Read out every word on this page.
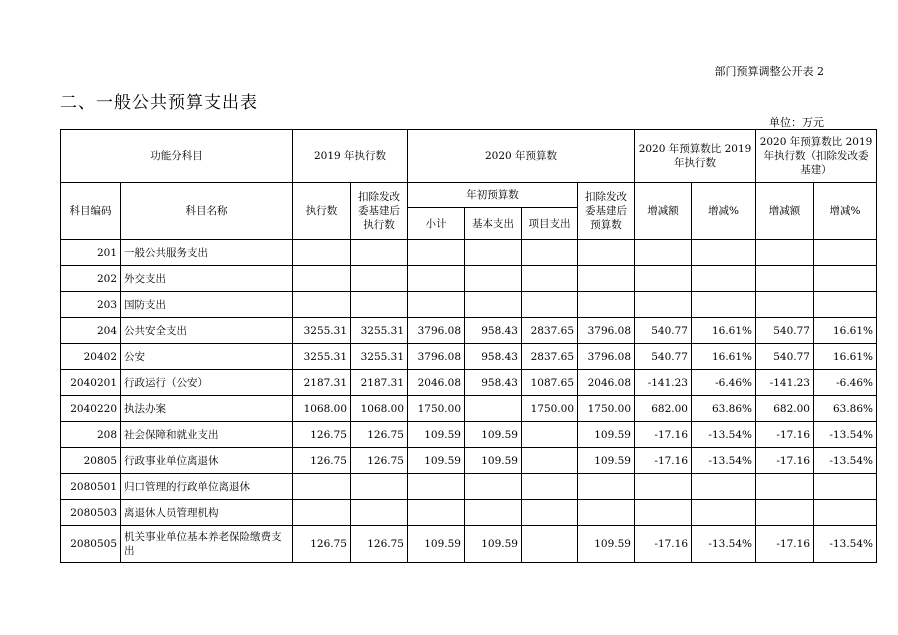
部门预算调整公开表 2
二、一般公共预算支出表
单位：万元
功能分科目		2019 年执行数		2020 年预算数				2020 年预算数比 2019 年执行数		2020 年预算数比 2019 年执行数（扣除发改委基建）	
科目编码	科目名称	执行数	扣除发改委基建后执行数	年初预算数			扣除发改委基建后预算数	增减额	增减%	增减额	增减%
				小计	基本支出	项目支出					
201	一般公共服务支出										
202	外交支出										
203	国防支出										
204	公共安全支出	3255.31	3255.31	3796.08	958.43	2837.65	3796.08	540.77	16.61%	540.77	16.61%
20402	公安	3255.31	3255.31	3796.08	958.43	2837.65	3796.08	540.77	16.61%	540.77	16.61%
2040201	行政运行（公安）	2187.31	2187.31	2046.08	958.43	1087.65	2046.08	-141.23	-6.46%	-141.23	-6.46%
2040220	执法办案	1068.00	1068.00	1750.00		1750.00	1750.00	682.00	63.86%	682.00	63.86%
208	社会保障和就业支出	126.75	126.75	109.59	109.59		109.59	-17.16	-13.54%	-17.16	-13.54%
20805	行政事业单位离退休	126.75	126.75	109.59	109.59		109.59	-17.16	-13.54%	-17.16	-13.54%
2080501	归口管理的行政单位离退休										
2080503	离退休人员管理机构										
2080505	机关事业单位基本养老保险缴费支出	126.75	126.75	109.59	109.59		109.59	-17.16	-13.54%	-17.16	-13.54%
